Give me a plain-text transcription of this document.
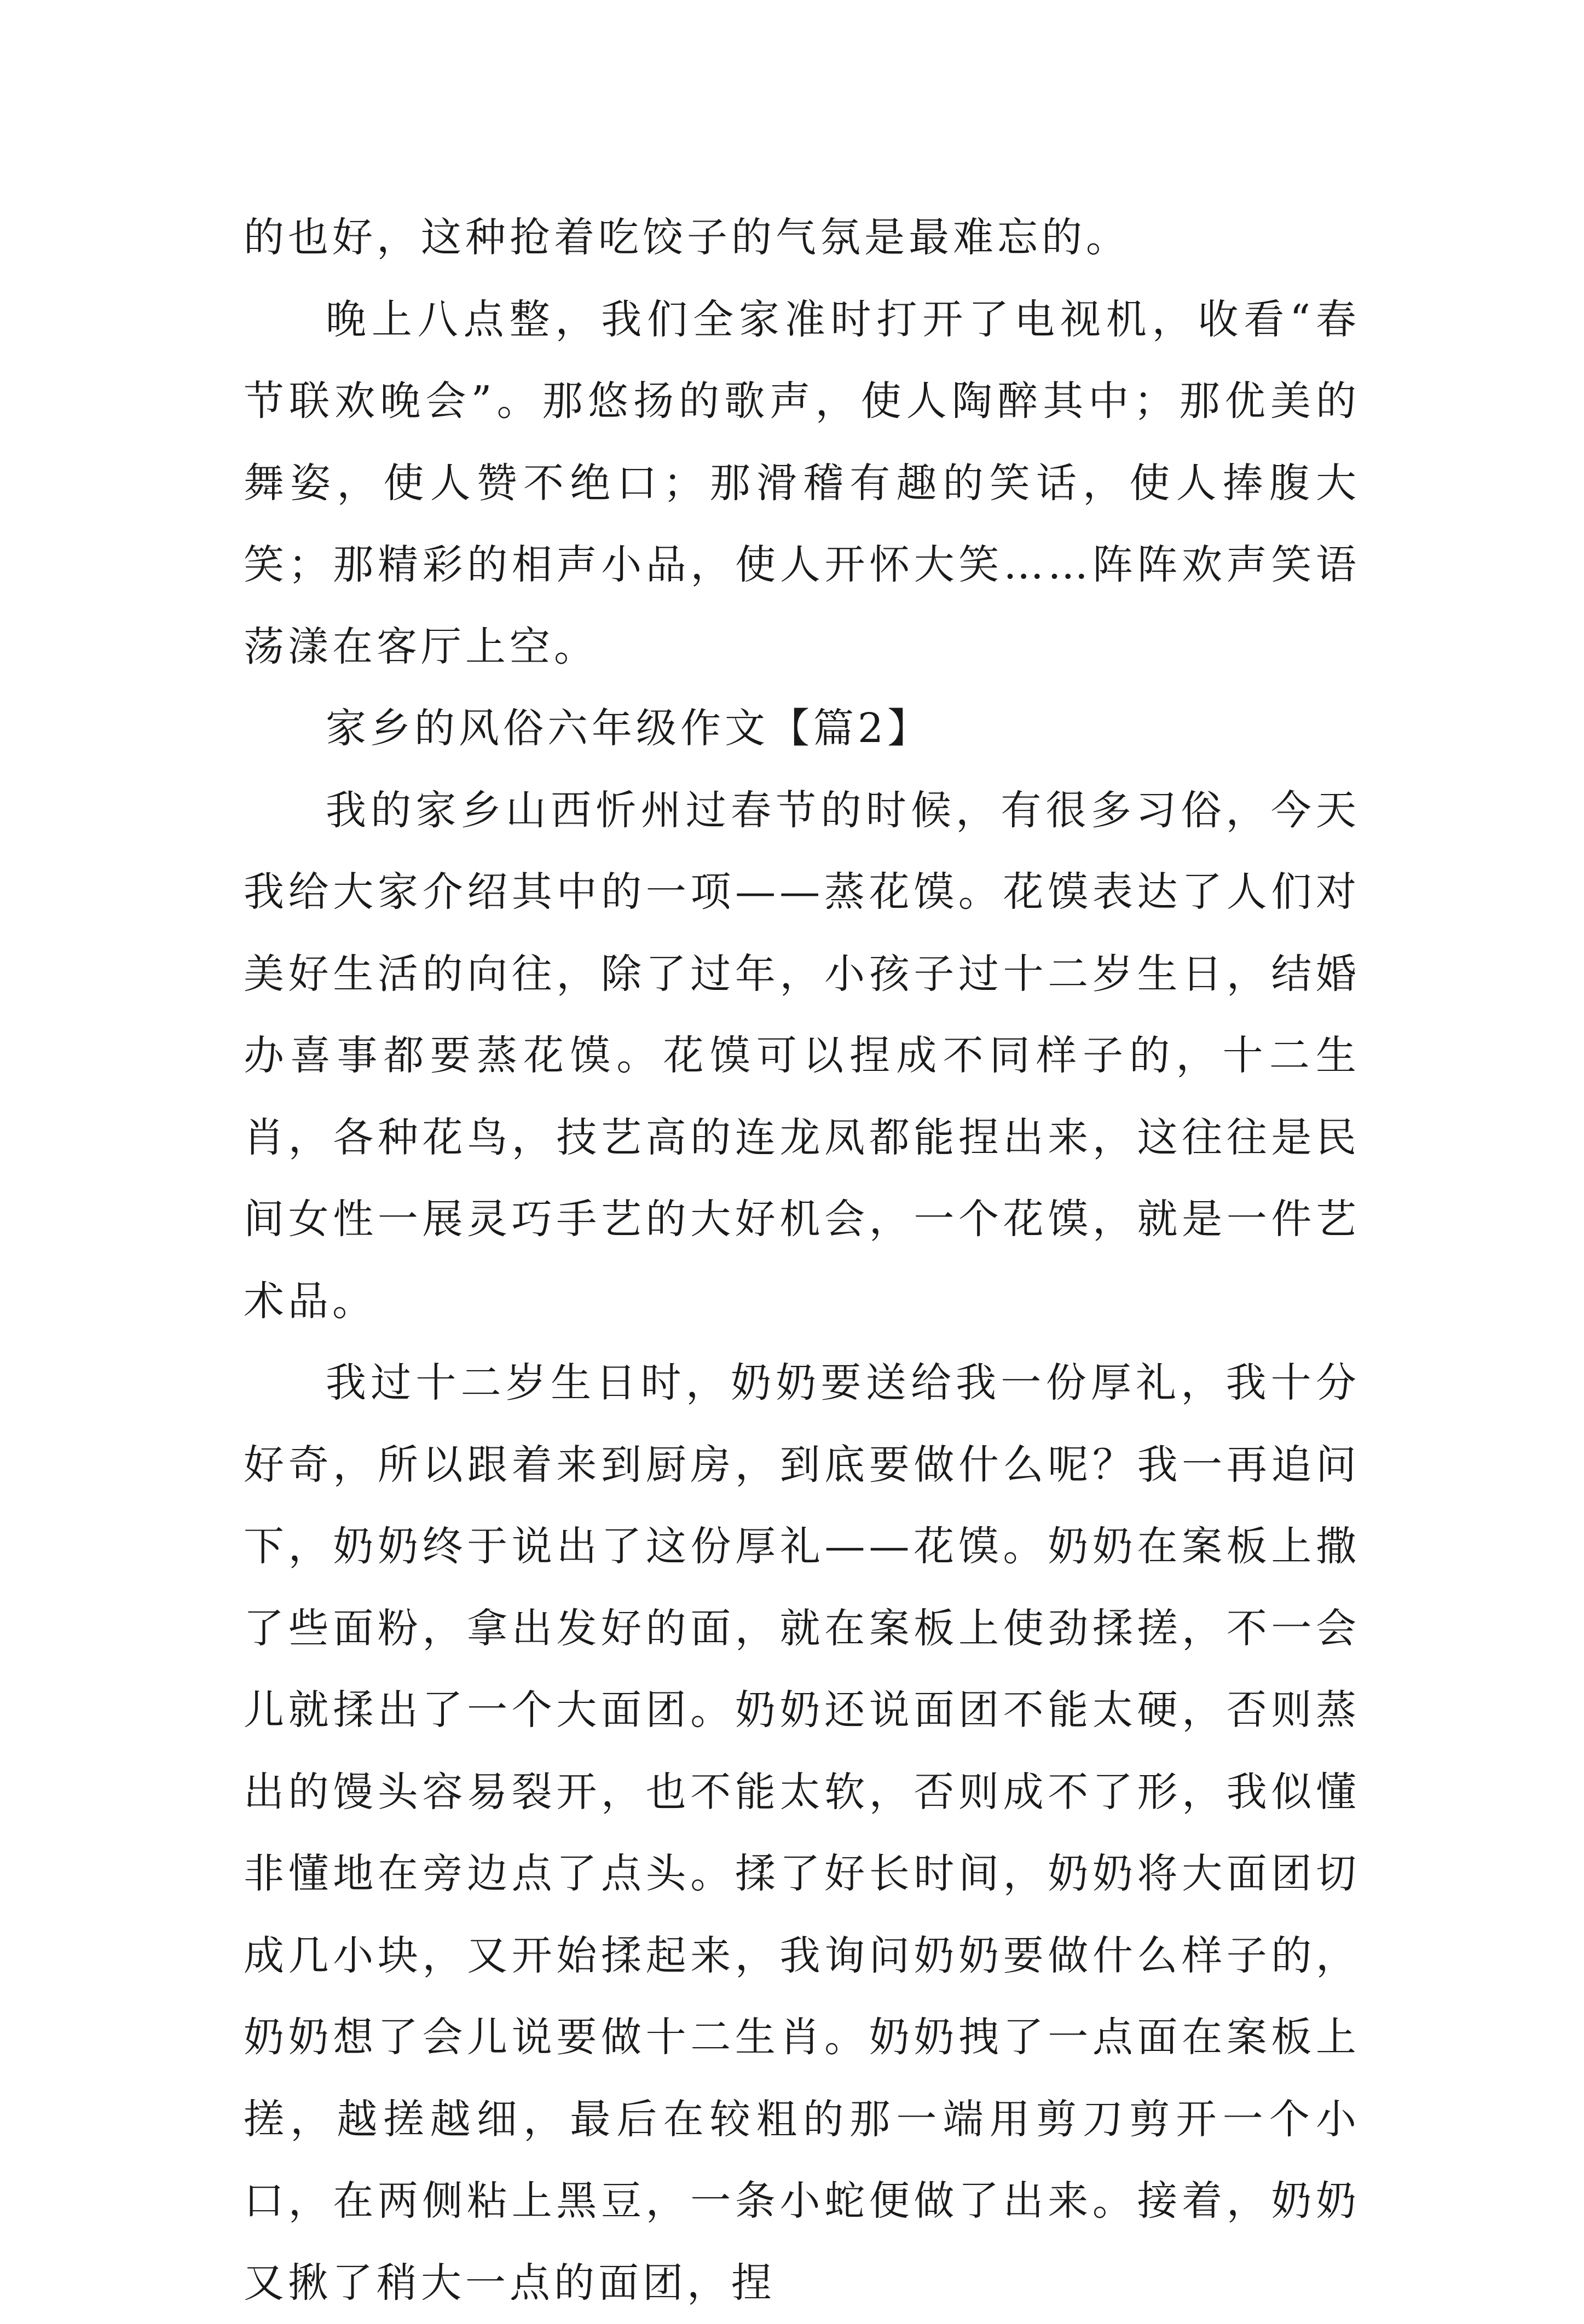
的也好，这种抢着吃饺子的气氛是最难忘的。

晚上八点整，我们全家准时打开了电视机，收看“春节联欢晚会”。那悠扬的歌声，使人陶醉其中；那优美的舞姿，使人赞不绝口；那滑稽有趣的笑话，使人捧腹大笑；那精彩的相声小品，使人开怀大笑……阵阵欢声笑语荡漾在客厅上空。

家乡的风俗六年级作文【篇2】

我的家乡山西忻州过春节的时候，有很多习俗，今天我给大家介绍其中的一项——蒸花馍。花馍表达了人们对美好生活的向往，除了过年，小孩子过十二岁生日，结婚办喜事都要蒸花馍。花馍可以捏成不同样子的，十二生肖，各种花鸟，技艺高的连龙凤都能捏出来，这往往是民间女性一展灵巧手艺的大好机会，一个花馍，就是一件艺术品。

我过十二岁生日时，奶奶要送给我一份厚礼，我十分好奇，所以跟着来到厨房，到底要做什么呢？我一再追问下，奶奶终于说出了这份厚礼——花馍。奶奶在案板上撒了些面粉，拿出发好的面，就在案板上使劲揉搓，不一会儿就揉出了一个大面团。奶奶还说面团不能太硬，否则蒸出的馒头容易裂开，也不能太软，否则成不了形，我似懂非懂地在旁边点了点头。揉了好长时间，奶奶将大面团切成几小块，又开始揉起来，我询问奶奶要做什么样子的，奶奶想了会儿说要做十二生肖。奶奶拽了一点面在案板上搓，越搓越细，最后在较粗的那一端用剪刀剪开一个小口，在两侧粘上黑豆，一条小蛇便做了出来。接着，奶奶又揪了稍大一点的面团，捏
